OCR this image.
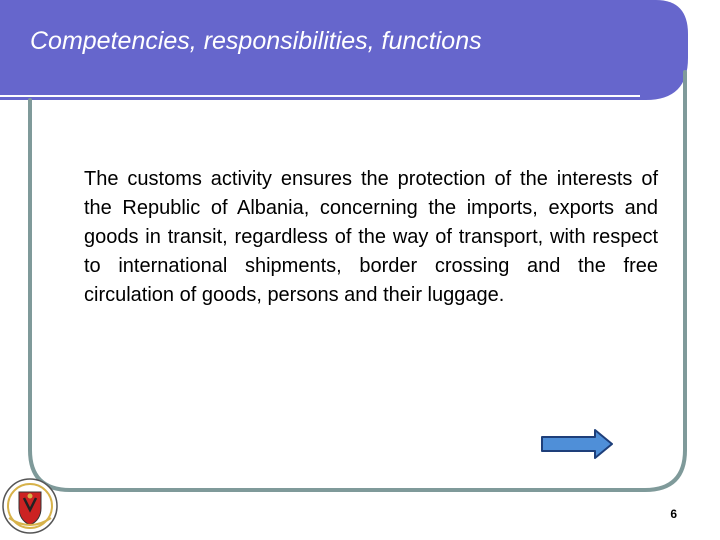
Competencies, responsibilities, functions

The customs activity ensures the protection of the interests of the Republic of Albania, concerning the imports, exports and goods in transit, regardless of the way of transport, with respect to international shipments, border crossing and the free circulation of goods, persons and their luggage.

6
